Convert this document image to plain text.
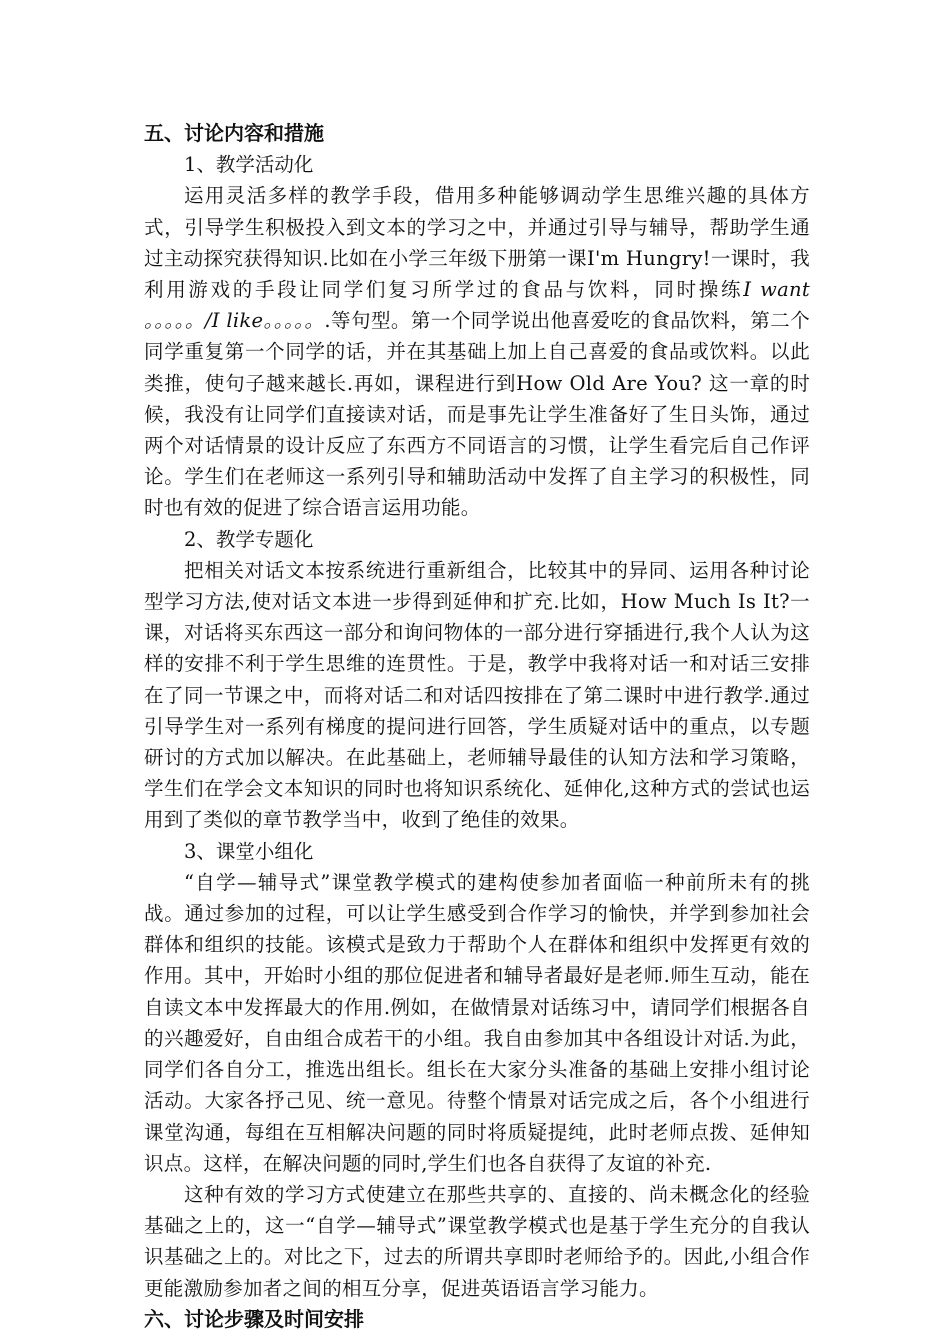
五、讨论内容和措施
1、教学活动化
运用灵活多样的教学手段，借用多种能够调动学生思维兴趣的具体方式，引导学生积极投入到文本的学习之中，并通过引导与辅导，帮助学生通过主动探究获得知识.比如在小学三年级下册第一课I'm Hungry!一课时，我利用游戏的手段让同学们复习所学过的食品与饮料，同时操练I want 。。。。。/I like。。。。。.等句型。第一个同学说出他喜爱吃的食品饮料，第二个同学重复第一个同学的话，并在其基础上加上自己喜爱的食品或饮料。以此类推，使句子越来越长.再如，课程进行到How Old Are You? 这一章的时候，我没有让同学们直接读对话，而是事先让学生准备好了生日头饰，通过两个对话情景的设计反应了东西方不同语言的习惯，让学生看完后自己作评论。学生们在老师这一系列引导和辅助活动中发挥了自主学习的积极性，同时也有效的促进了综合语言运用功能。
2、教学专题化
把相关对话文本按系统进行重新组合，比较其中的异同、运用各种讨论型学习方法,使对话文本进一步得到延伸和扩充.比如，How Much Is It?一课，对话将买东西这一部分和询问物体的一部分进行穿插进行,我个人认为这样的安排不利于学生思维的连贯性。于是，教学中我将对话一和对话三安排在了同一节课之中，而将对话二和对话四按排在了第二课时中进行教学.通过引导学生对一系列有梯度的提问进行回答，学生质疑对话中的重点，以专题研讨的方式加以解决。在此基础上，老师辅导最佳的认知方法和学习策略，学生们在学会文本知识的同时也将知识系统化、延伸化,这种方式的尝试也运用到了类似的章节教学当中，收到了绝佳的效果。
3、课堂小组化
“自学—辅导式”课堂教学模式的建构使参加者面临一种前所未有的挑战。通过参加的过程，可以让学生感受到合作学习的愉快，并学到参加社会群体和组织的技能。该模式是致力于帮助个人在群体和组织中发挥更有效的作用。其中，开始时小组的那位促进者和辅导者最好是老师.师生互动，能在自读文本中发挥最大的作用.例如，在做情景对话练习中，请同学们根据各自的兴趣爱好，自由组合成若干的小组。我自由参加其中各组设计对话.为此，同学们各自分工，推选出组长。组长在大家分头准备的基础上安排小组讨论活动。大家各抒己见、统一意见。待整个情景对话完成之后，各个小组进行课堂沟通，每组在互相解决问题的同时将质疑提纯，此时老师点拨、延伸知识点。这样，在解决问题的同时,学生们也各自获得了友谊的补充.
这种有效的学习方式使建立在那些共享的、直接的、尚未概念化的经验基础之上的，这一“自学—辅导式”课堂教学模式也是基于学生充分的自我认识基础之上的。对比之下，过去的所谓共享即时老师给予的。因此,小组合作更能激励参加者之间的相互分享，促进英语语言学习能力。
六、讨论步骤及时间安排
